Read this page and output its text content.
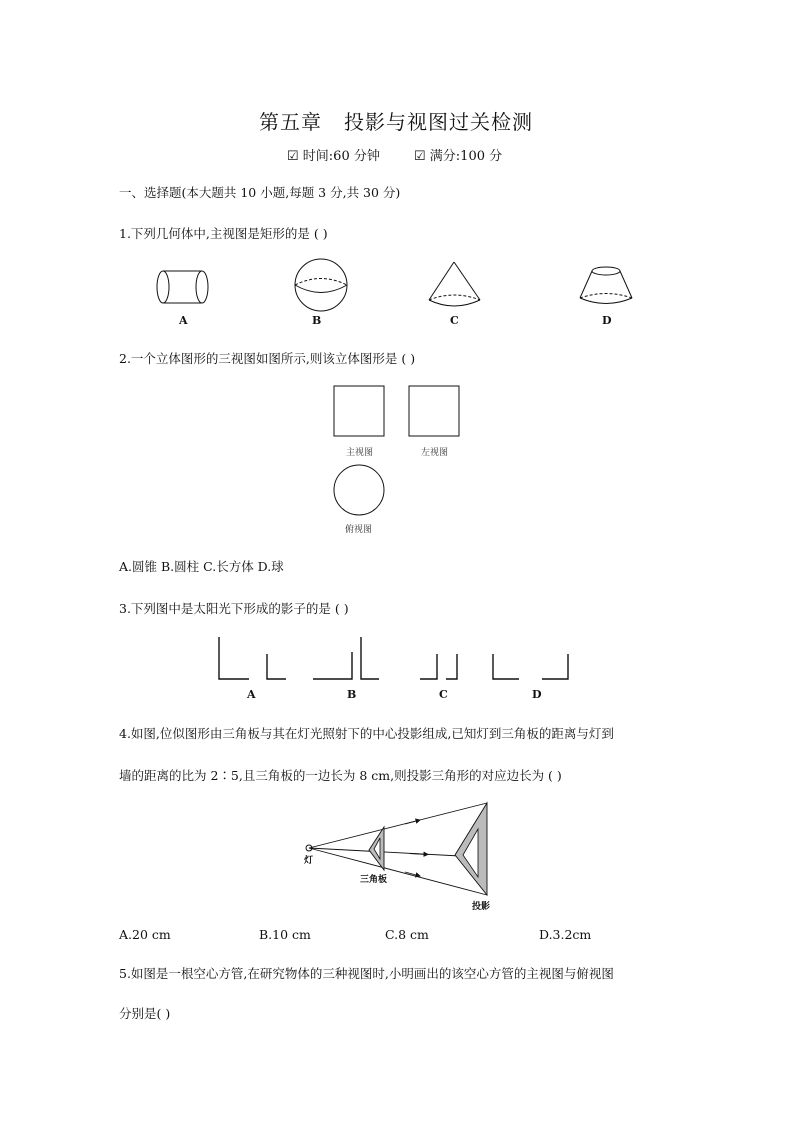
第五章 投影与视图过关检测
☑ 时间:60 分钟	☑ 满分:100 分
一、选择题(本大题共 10 小题,每题 3 分,共 30 分)
1.下列几何体中,主视图是矩形的是 ( )
A	B	C	D
2.一个立体图形的三视图如图所示,则该立体图形是 ( )
主视图	左视图
俯视图
A.圆锥 B.圆柱 C.长方体 D.球
3.下列图中是太阳光下形成的影子的是 ( )
A	B	C	D
4.如图,位似图形由三角板与其在灯光照射下的中心投影组成,已知灯到三角板的距离与灯到
墙的距离的比为 2∶5,且三角板的一边长为 8 cm,则投影三角形的对应边长为 ( )
灯
三角板
投影
A.20 cm	B.10 cm	C.8 cm	D.3.2cm
5.如图是一根空心方管,在研究物体的三种视图时,小明画出的该空心方管的主视图与俯视图
分别是( )
